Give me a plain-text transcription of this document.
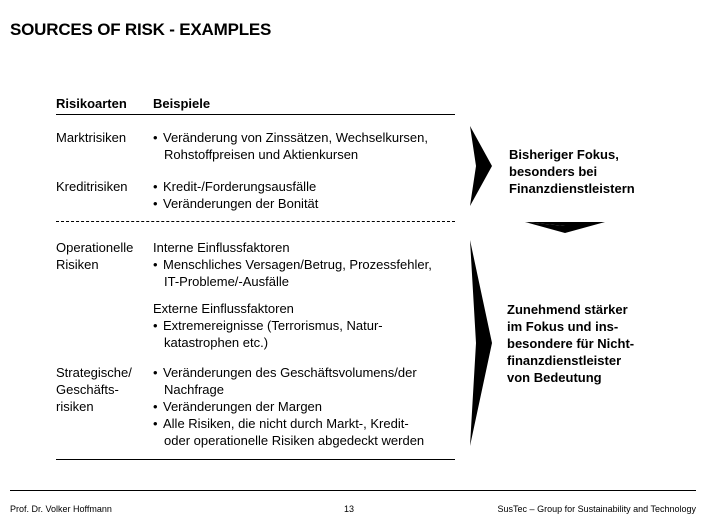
SOURCES OF RISK - EXAMPLES
Risikoarten Beispiele
Marktrisiken • Veränderung von Zinssätzen, Wechselkursen,
Rohstoffpreisen und Aktienkursen
Kreditrisiken • Kredit-/Forderungsausfälle
• Veränderungen der Bonität
Operationelle
Risiken
Interne Einflussfaktoren
• Menschliches Versagen/Betrug, Prozessfehler,
IT-Probleme/-Ausfälle
Externe Einflussfaktoren
• Extremereignisse (Terrorismus, Natur-
katastrophen etc.)
Strategische/
Geschäfts-
risiken
• Veränderungen des Geschäftsvolumens/der
Nachfrage
• Veränderungen der Margen
• Alle Risiken, die nicht durch Markt-, Kredit-
oder operationelle Risiken abgedeckt werden
Bisheriger Fokus,
besonders bei
Finanzdienstleistern
Zunehmend stärker
im Fokus und ins-
besondere für Nicht-
finanzdienstleister
von Bedeutung
Prof. Dr. Volker Hoffmann	13	SusTec – Group for Sustainability and Technology
